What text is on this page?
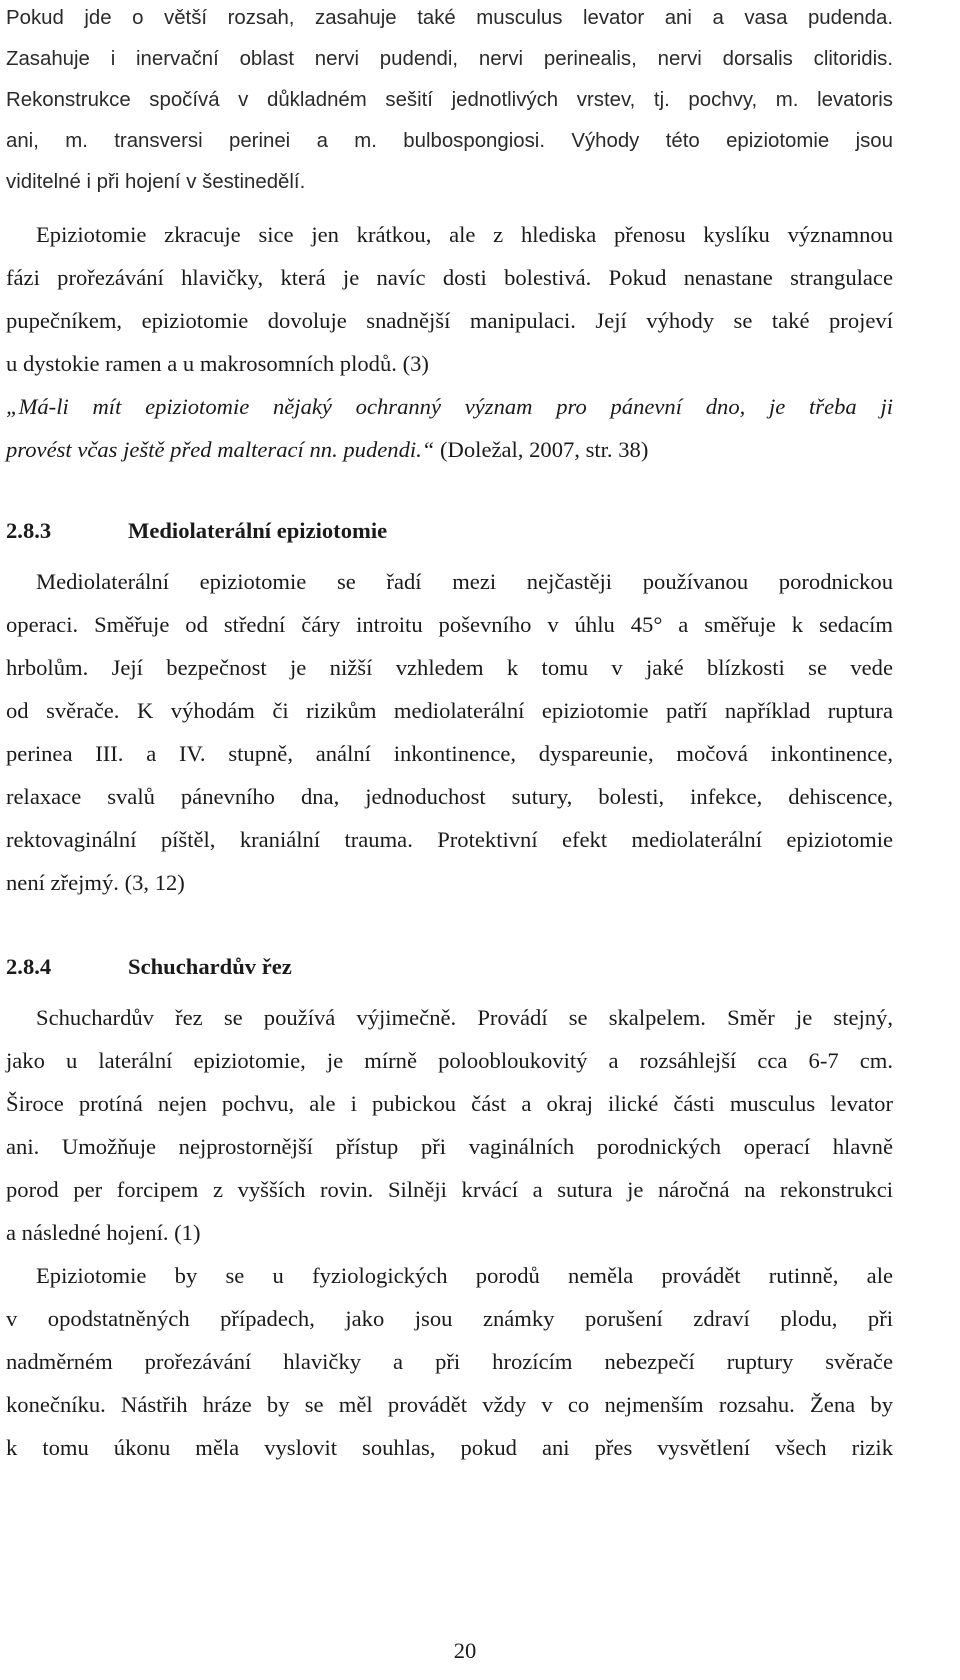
Pokud jde o větší rozsah, zasahuje také musculus levator ani a vasa pudenda.
Zasahuje i inervační oblast nervi pudendi, nervi perinealis, nervi dorsalis clitoridis.
Rekonstrukce spočívá v důkladném sešití jednotlivých vrstev, tj. pochvy, m. levatoris
ani, m. transversi perinei a m. bulbospongiosi. Výhody této epiziotomie jsou
viditelné i při hojení v šestinedělí.
Epiziotomie zkracuje sice jen krátkou, ale z hlediska přenosu kyslíku významnou
fázi prořezávání hlavičky, která je navíc dosti bolestivá. Pokud nenastane strangulace
pupečníkem, epiziotomie dovoluje snadnější manipulaci. Její výhody se také projeví
u dystokie ramen a u makrosomních plodů. (3)
„Má-li mít epiziotomie nějaký ochranný význam pro pánevní dno, je třeba ji
provést včas ještě před malterací nn. pudendi.“ (Doležal, 2007, str. 38)
2.8.3	Mediolaterální epiziotomie
Mediolaterální epiziotomie se řadí mezi nejčastěji používanou porodnickou
operaci. Směřuje od střední čáry introitu poševního v úhlu 45° a směřuje k sedacím
hrbolům. Její bezpečnost je nižší vzhledem k tomu v jaké blízkosti se vede
od svěrače. K výhodám či rizikům mediolaterální epiziotomie patří například ruptura
perinea III. a IV. stupně, anální inkontinence, dyspareunie, močová inkontinence,
relaxace svalů pánevního dna, jednoduchost sutury, bolesti, infekce, dehiscence,
rektovaginální píštěl, kraniální trauma. Protektivní efekt mediolaterální epiziotomie
není zřejmý. (3, 12)
2.8.4	Schuchardův řez
Schuchardův řez se používá výjimečně. Provádí se skalpelem. Směr je stejný,
jako u laterální epiziotomie, je mírně poloobloukovitý a rozsáhlejší cca 6-7 cm.
Široce protíná nejen pochvu, ale i pubickou část a okraj ilické části musculus levator
ani. Umožňuje nejprostornější přístup při vaginálních porodnických operací hlavně
porod per forcipem z vyšších rovin. Silněji krvácí a sutura je náročná na rekonstrukci
a následné hojení. (1)
Epiziotomie by se u fyziologických porodů neměla provádět rutinně, ale
v opodstatněných případech, jako jsou známky porušení zdraví plodu, při
nadměrném prořezávání hlavičky a při hrozícím nebezpečí ruptury svěrače
konečníku. Nástřih hráze by se měl provádět vždy v co nejmenším rozsahu. Žena by
k tomu úkonu měla vyslovit souhlas, pokud ani přes vysvětlení všech rizik
20
